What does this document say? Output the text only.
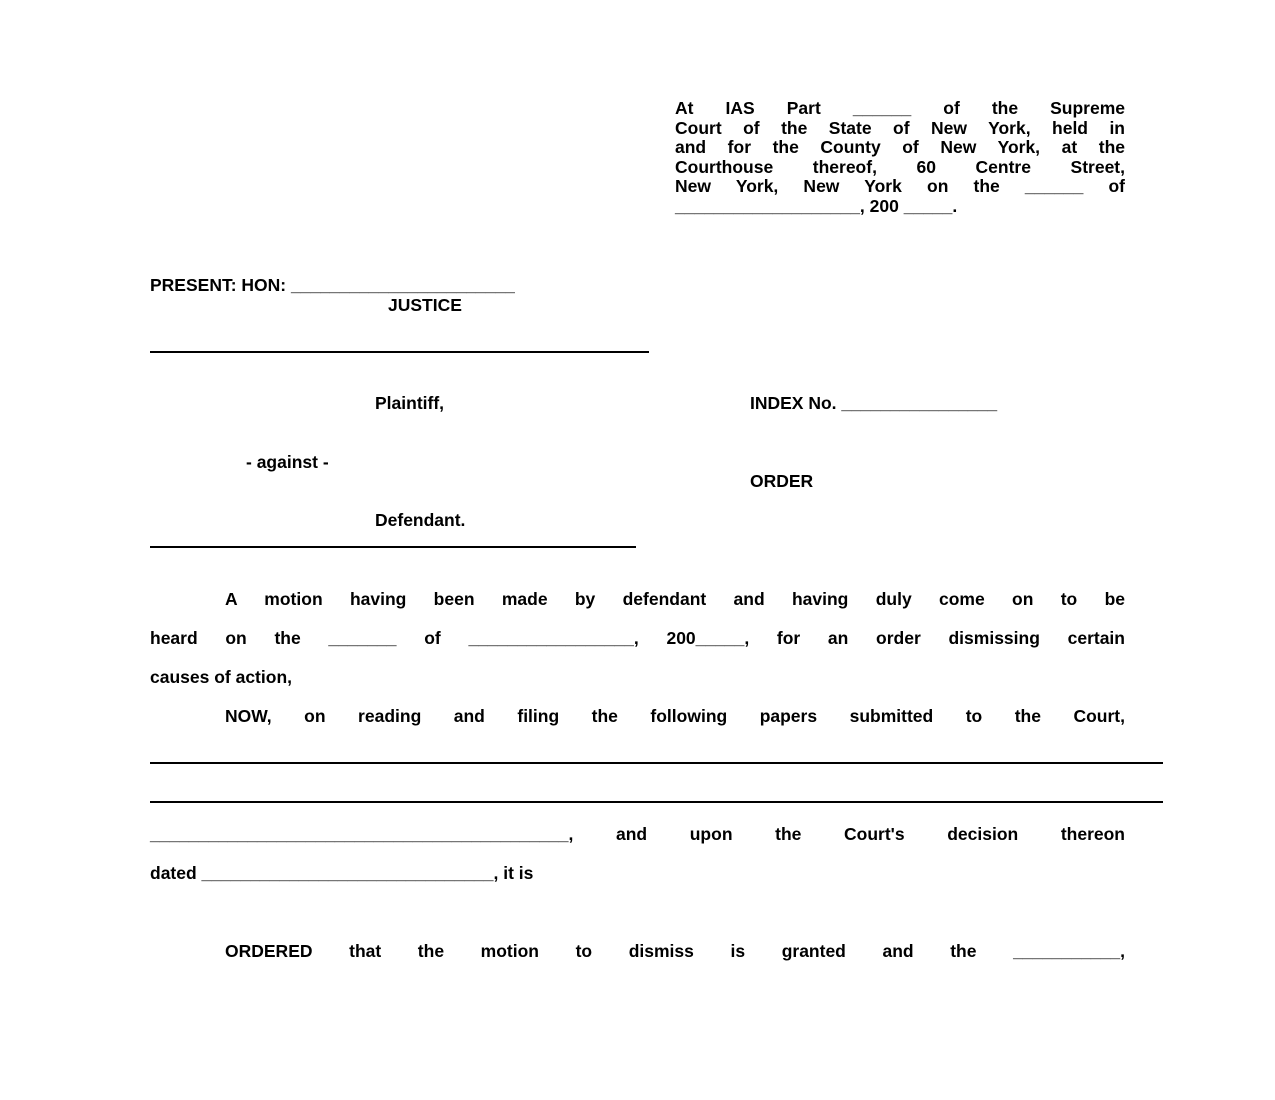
At IAS Part ______ of the Supreme
Court of the State of New York, held in
and for the County of New York, at the
Courthouse thereof, 60 Centre Street,
New York, New York on the ______ of
___________________, 200 _____.
PRESENT: HON: _______________________
JUSTICE
Plaintiff,
- against -
Defendant.
INDEX No. ________________
ORDER
A motion having been made by defendant and having duly come on to be
heard on the _______ of _________________, 200_____, for an order dismissing certain
causes of action,
NOW, on reading and filing the following papers submitted to the Court,
___________________________________________, and upon the Court's decision thereon
dated ______________________________, it is
ORDERED that the motion to dismiss is granted and the ___________,
